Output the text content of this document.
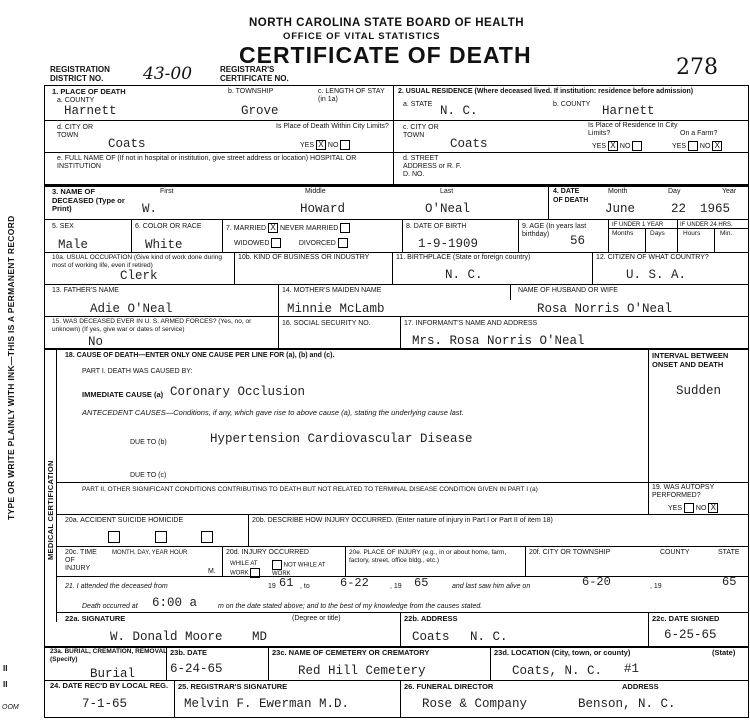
TYPE OR WRITE PLAINLY WITH INK—THIS IS A PERMANENT RECORD
II
II
OOM
NORTH CAROLINA STATE BOARD OF HEALTH
OFFICE OF VITAL STATISTICS
CERTIFICATE OF DEATH	278
REGISTRATION
DISTRICT NO.	43-00	REGISTRAR'S
CERTIFICATE NO.
1. PLACE OF DEATH
a. COUNTY
Harnett
b. TOWNSHIP
Grove
c. LENGTH OF STAY (in 1a)
d. CITY OR TOWN
Coats
Is Place of Death Within City Limits?
YES X NO
e. FULL NAME OF (If not in hospital or institution, give street address or location) HOSPITAL OR INSTITUTION
2. USUAL RESIDENCE (Where deceased lived. If institution: residence before admission)
a. STATE N. C.	b. COUNTY Harnett
c. CITY OR TOWN
Coats
Is Place of Residence In City Limits?	On a Farm?
YES X NO	YES  NO X
d. STREET ADDRESS or R. F. D. NO.
3. NAME OF DECEASED (Type or Print)
First	Middle	Last
W.	Howard	O'Neal
4. DATE OF DEATH
Month	Day	Year
June	22 1965
5. SEX
Male
6. COLOR OR RACE
White
7. MARRIED X NEVER MARRIED
WIDOWED	DIVORCED
8. DATE OF BIRTH
1-9-1909
9. AGE (In years last birthday)	56
IF UNDER 1 YEAR	IF UNDER 24 HRS.
Months	Days	Hours	Min.
10a. USUAL OCCUPATION (Give kind of work done during most of working life, even if retired)
Clerk
10b. KIND OF BUSINESS OR INDUSTRY	11. BIRTHPLACE (State or foreign country)
N. C.
12. CITIZEN OF WHAT COUNTRY?
U. S. A.
13. FATHER'S NAME
Adie O'Neal
14. MOTHER'S MAIDEN NAME
Minnie McLamb
NAME OF HUSBAND OR WIFE
Rosa Norris O'Neal
15. WAS DECEASED EVER IN U. S. ARMED FORCES? (Yes, no, or unknown) (If yes, give war or dates of service)
No
16. SOCIAL SECURITY NO.	17. INFORMANT'S NAME AND ADDRESS
Mrs. Rosa Norris O'Neal
MEDICAL CERTIFICATION
18. CAUSE OF DEATH—ENTER ONLY ONE CAUSE PER LINE FOR (a), (b) and (c).
PART I. DEATH WAS CAUSED BY:
IMMEDIATE CAUSE (a) Coronary Occlusion
ANTECEDENT CAUSES—Conditions, if any, which gave rise to above cause (a), stating the underlying cause last.
DUE TO (b)	Hypertension Cardiovascular Disease
DUE TO (c)
INTERVAL BETWEEN ONSET AND DEATH
Sudden
PART II. OTHER SIGNIFICANT CONDITIONS CONTRIBUTING TO DEATH BUT NOT RELATED TO TERMINAL DISEASE CONDITION GIVEN IN PART I (a)	19. WAS AUTOPSY PERFORMED?
YES  NO X
20a. ACCIDENT SUICIDE HOMICIDE	20b. DESCRIBE HOW INJURY OCCURRED. (Enter nature of injury in Part I or Part II of item 18)
20c. TIME OF INJURY
MONTH, DAY, YEAR HOUR
M.
20d. INJURY OCCURRED
WHILE AT WORK
NOT WHILE AT WORK
20e. PLACE OF INJURY (e.g., in or about home, farm, factory, street, office bldg., etc.)
20f. CITY OR TOWNSHIP	COUNTY	STATE
21. I attended the deceased from	19 61 , to	6-22	, 19 65	and last saw him alive on	6-20	, 19	65
Death occurred at 6:00 a	m on the date stated above; and to the best of my knowledge from the causes stated.
22a. SIGNATURE	(Degree or title)
W. Donald Moore MD
22b. ADDRESS
Coats N. C.
22c. DATE SIGNED
6-25-65
23a. BURIAL, CREMATION, REMOVAL (Specify)
Burial
23b. DATE
6-24-65
23c. NAME OF CEMETERY OR CREMATORY
Red Hill Cemetery
23d. LOCATION (City, town, or county)	(State)
Coats, N. C. #1
24. DATE REC'D BY LOCAL REG.
7-1-65
25. REGISTRAR'S SIGNATURE
Melvin F. Ewerman M.D.
26. FUNERAL DIRECTOR	ADDRESS
Rose & Company	Benson, N. C.
